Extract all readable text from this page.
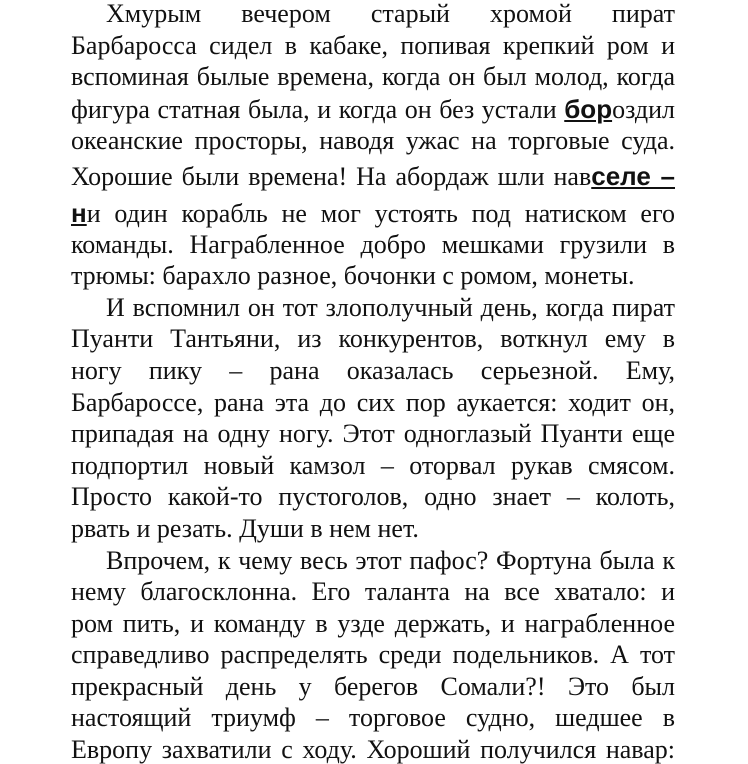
Хмурым вечером старый хромой пират
Барбаросса сидел в кабаке, попивая крепкий ром и
вспоминая былые времена, когда он был молод, когда
фигура статная была, и когда он без устали бороздил
океанские просторы, наводя ужас на торговые суда.
Хорошие были времена! На абордаж шли навселе –
ни один корабль не мог устоять под натиском его
команды. Награбленное добро мешками грузили в
трюмы: барахло разное, бочонки с ромом, монеты.
И вспомнил он тот злополучный день, когда пират
Пуанти Тантьяни, из конкурентов, воткнул ему в
ногу пику – рана оказалась серьезной. Ему,
Барбароссе, рана эта до сих пор аукается: ходит он,
припадая на одну ногу. Этот одноглазый Пуанти еще
подпортил новый камзол – оторвал рукав смясом.
Просто какой-то пустоголов, одно знает – колоть,
рвать и резать. Души в нем нет.
Впрочем, к чему весь этот пафос? Фортуна была к
нему благосклонна. Его таланта на все хватало: и
ром пить, и команду в узде держать, и награбленное
справедливо распределять среди подельников. А тот
прекрасный день у берегов Сомали?! Это был
настоящий триумф – торговое судно, шедшее в
Европу захватили с ходу. Хороший получился навар:
